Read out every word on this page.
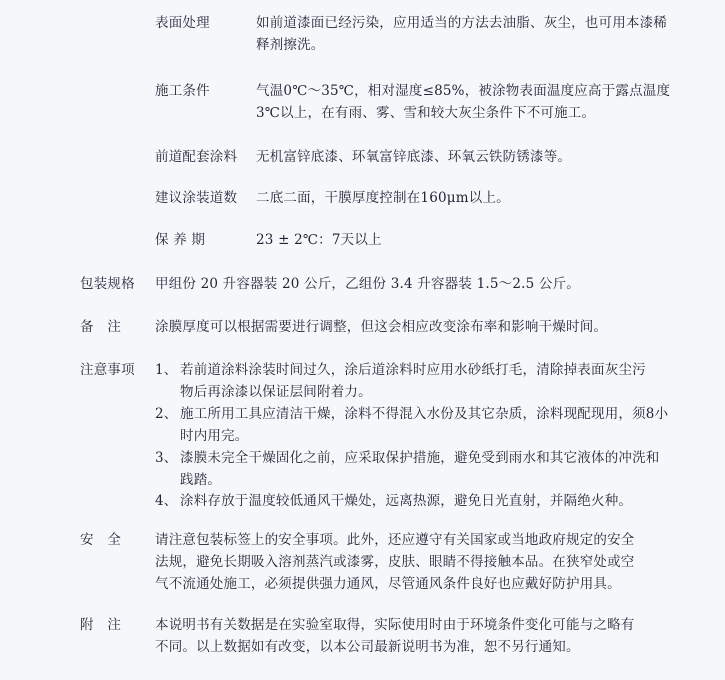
表面处理	如前道漆面已经污染，应用适当的方法去油脂、灰尘，也可用本漆稀释剂擦洗。
施工条件	气温0℃～35℃，相对湿度≤85%，被涂物表面温度应高于露点温度3℃以上，在有雨、雾、雪和较大灰尘条件下不可施工。
前道配套涂料 无机富锌底漆、环氧富锌底漆、环氧云铁防锈漆等。
建议涂装道数 二底二面，干膜厚度控制在160μm以上。
保 养 期	23 ± 2℃：7天以上
包装规格 甲组份 20 升容器装 20 公斤，乙组份 3.4 升容器装 1.5～2.5 公斤。
备　注	涂膜厚度可以根据需要进行调整，但这会相应改变涂布率和影响干燥时间。
注意事项 1、 若前道涂料涂装时间过久，涂后道涂料时应用水砂纸打毛，清除掉表面灰尘污物后再涂漆以保证层间附着力。
2、 施工所用工具应清洁干燥，涂料不得混入水份及其它杂质，涂料现配现用，须8小时内用完。
3、 漆膜未完全干燥固化之前，应采取保护措施，避免受到雨水和其它液体的冲洗和践踏。
4、 涂料存放于温度较低通风干燥处，远离热源，避免日光直射，并隔绝火种。
安　全	请注意包装标签上的安全事项。此外，还应遵守有关国家或当地政府规定的安全法规，避免长期吸入溶剂蒸汽或漆雾，皮肤、眼睛不得接触本品。在狭窄处或空气不流通处施工，必须提供强力通风，尽管通风条件良好也应戴好防护用具。
附　注	本说明书有关数据是在实验室取得，实际使用时由于环境条件变化可能与之略有不同。以上数据如有改变，以本公司最新说明书为准，恕不另行通知。
